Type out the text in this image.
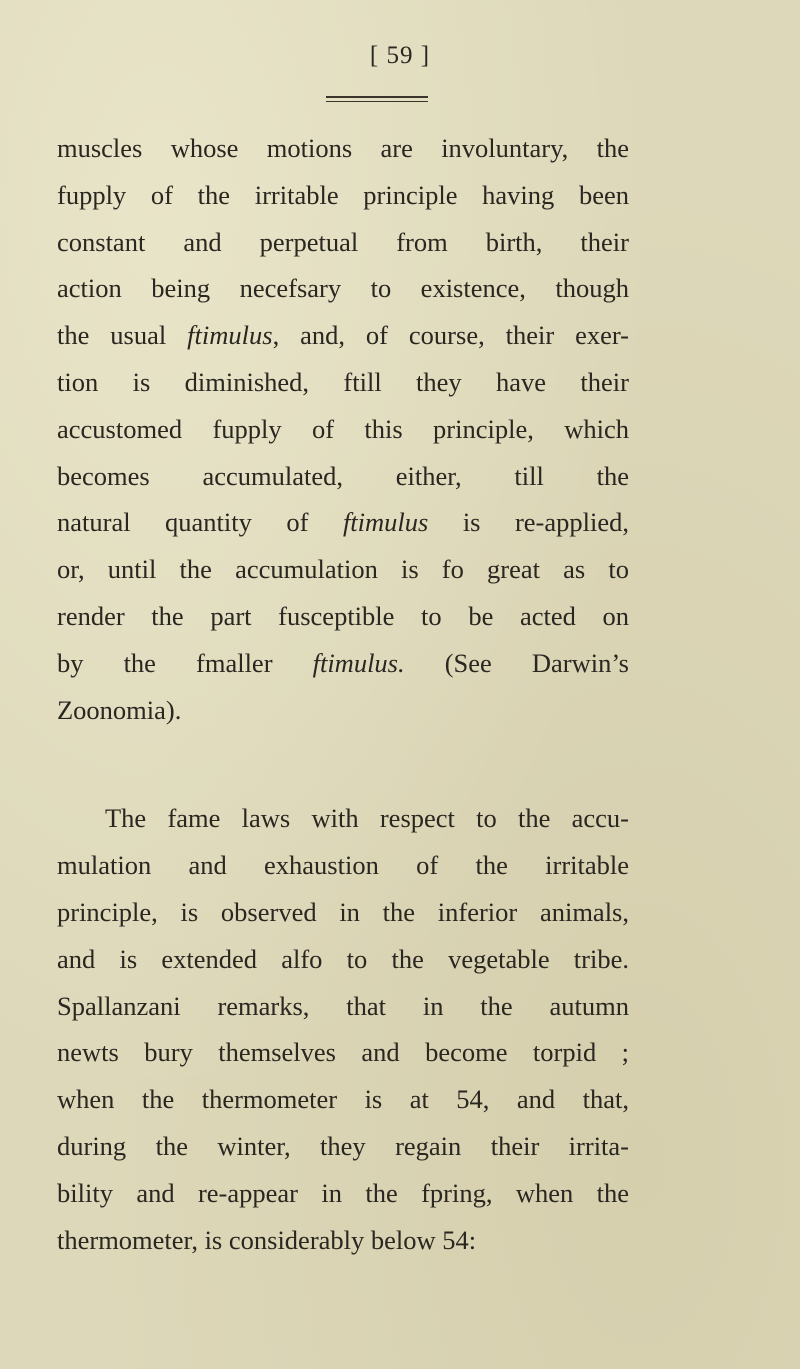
[ 59 ]
muscles whose motions are involuntary, the
fupply of the irritable principle having been
constant and perpetual from birth, their
action being necefsary to existence, though
the usual ftimulus, and, of course, their exer-
tion is diminished, ftill they have their
accustomed fupply of this principle, which
becomes accumulated, either, till the
natural quantity of ftimulus is re-applied,
or, until the accumulation is fo great as to
render the part fusceptible to be acted on
by the fmaller ftimulus. (See Darwin’s
Zoonomia).
The fame laws with respect to the accu-
mulation and exhaustion of the irritable
principle, is observed in the inferior animals,
and is extended alfo to the vegetable tribe.
Spallanzani remarks, that in the autumn
newts bury themselves and become torpid ;
when the thermometer is at 54, and that,
during the winter, they regain their irrita-
bility and re-appear in the fpring, when the
thermometer, is considerably below 54:
